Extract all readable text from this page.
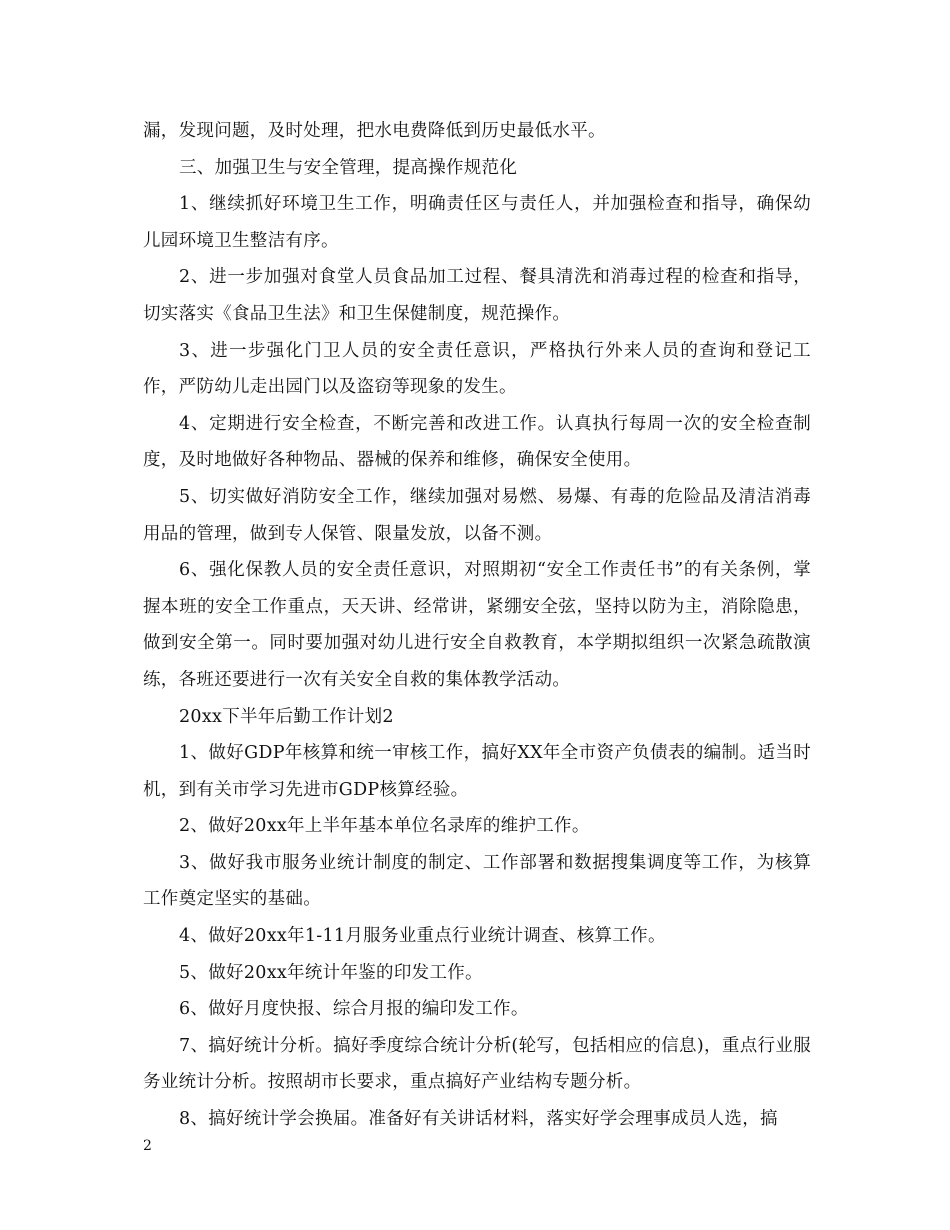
漏，发现问题，及时处理，把水电费降低到历史最低水平。

三、加强卫生与安全管理，提高操作规范化

1、继续抓好环境卫生工作，明确责任区与责任人，并加强检查和指导，确保幼儿园环境卫生整洁有序。

2、进一步加强对食堂人员食品加工过程、餐具清洗和消毒过程的检查和指导，切实落实《食品卫生法》和卫生保健制度，规范操作。

3、进一步强化门卫人员的安全责任意识，严格执行外来人员的查询和登记工作，严防幼儿走出园门以及盗窃等现象的发生。

4、定期进行安全检查，不断完善和改进工作。认真执行每周一次的安全检查制度，及时地做好各种物品、器械的保养和维修，确保安全使用。

5、切实做好消防安全工作，继续加强对易燃、易爆、有毒的危险品及清洁消毒用品的管理，做到专人保管、限量发放，以备不测。

6、强化保教人员的安全责任意识，对照期初“安全工作责任书”的有关条例，掌握本班的安全工作重点，天天讲、经常讲，紧绷安全弦，坚持以防为主，消除隐患，做到安全第一。同时要加强对幼儿进行安全自救教育，本学期拟组织一次紧急疏散演练，各班还要进行一次有关安全自救的集体教学活动。

20xx下半年后勤工作计划2

1、做好GDP年核算和统一审核工作，搞好XX年全市资产负债表的编制。适当时机，到有关市学习先进市GDP核算经验。

2、做好20xx年上半年基本单位名录库的维护工作。

3、做好我市服务业统计制度的制定、工作部署和数据搜集调度等工作，为核算工作奠定坚实的基础。

4、做好20xx年1-11月服务业重点行业统计调查、核算工作。

5、做好20xx年统计年鉴的印发工作。

6、做好月度快报、综合月报的编印发工作。

7、搞好统计分析。搞好季度综合统计分析(轮写，包括相应的信息)，重点行业服务业统计分析。按照胡市长要求，重点搞好产业结构专题分析。

8、搞好统计学会换届。准备好有关讲话材料，落实好学会理事成员人选，搞

2
